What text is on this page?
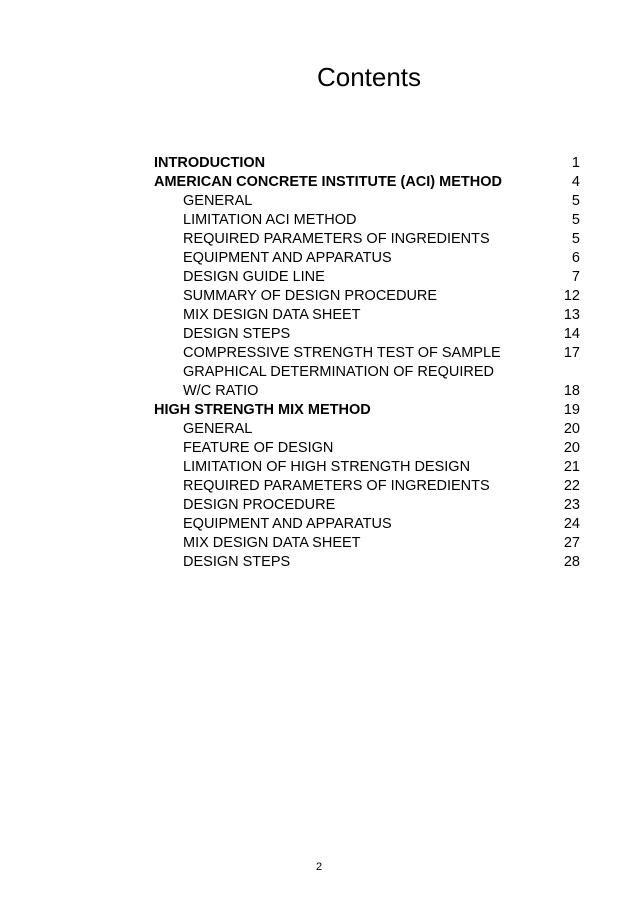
Contents
INTRODUCTION	1
AMERICAN CONCRETE INSTITUTE (ACI) METHOD	4
GENERAL	5
LIMITATION ACI METHOD	5
REQUIRED PARAMETERS OF INGREDIENTS	5
EQUIPMENT AND APPARATUS	6
DESIGN GUIDE LINE	7
SUMMARY OF DESIGN PROCEDURE	12
MIX DESIGN DATA SHEET	13
DESIGN STEPS	14
COMPRESSIVE STRENGTH TEST OF SAMPLE	17
GRAPHICAL DETERMINATION OF REQUIRED
W/C RATIO	18
HIGH STRENGTH MIX METHOD	19
GENERAL	20
FEATURE OF DESIGN	20
LIMITATION OF HIGH STRENGTH DESIGN	21
REQUIRED PARAMETERS OF INGREDIENTS	22
DESIGN PROCEDURE	23
EQUIPMENT AND APPARATUS	24
MIX DESIGN DATA SHEET	27
DESIGN STEPS	28
2
